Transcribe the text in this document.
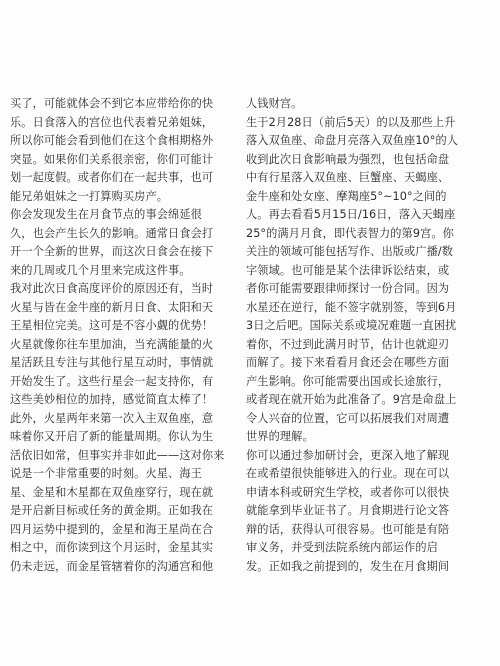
买了，可能就体会不到它本应带给你的快
乐。日食落入的宫位也代表着兄弟姐妹，
所以你可能会看到他们在这个食相期格外
突显。如果你们关系很亲密，你们可能计
划一起度假。或者你们在一起共事，也可
能兄弟姐妹之一打算购买房产。
你会发现发生在月食节点的事会绵延很
久，也会产生长久的影响。通常日食会打
开一个全新的世界，而这次日食会在接下
来的几周或几个月里来完成这件事。
我对此次日食高度评价的原因还有，当时
火星与皆在金牛座的新月日食、太阳和天
王星相位完美。这可是不容小觑的优势！
火星就像你往车里加油，当充满能量的火
星活跃且专注与其他行星互动时，事情就
开始发生了。这些行星会一起支持你，有
这些美妙相位的加持，感觉简直太棒了！
此外，火星两年来第一次入主双鱼座，意
味着你又开启了新的能量周期。你认为生
活依旧如常，但事实并非如此——这对你来
说是一个非常重要的时刻。火星、海王
星、金星和木星都在双鱼座穿行，现在就
是开启新目标或任务的黄金期。正如我在
四月运势中提到的，金星和海王星尚在合
相之中，而你读到这个月运时，金星其实
仍未走远，而金星管辖着你的沟通宫和他
人钱财宫。
生于2月28日（前后5天）的以及那些上升
落入双鱼座、命盘月亮落入双鱼座10°的人
收到此次日食影响最为强烈，也包括命盘
中有行星落入双鱼座、巨蟹座、天蝎座、
金牛座和处女座、摩羯座5°~10°之间的
人。再去看看5月15日/16日，落入天蝎座
25°的满月月食，即代表智力的第9宫。你
关注的领域可能包括写作、出版或广播/数
字领域。也可能是某个法律诉讼结束，或
者你可能需要跟律师探讨一份合同。因为
水星还在逆行，能不签字就别签，等到6月
3日之后吧。国际关系或境况难题一直困扰
着你，不过到此满月时节，估计也就迎刃
而解了。接下来看看月食还会在哪些方面
产生影响。你可能需要出国或长途旅行，
或者现在就开始为此准备了。9宫是命盘上
令人兴奋的位置，它可以拓展我们对周遭
世界的理解。
你可以通过参加研讨会，更深入地了解现
在或希望很快能够进入的行业。现在可以
申请本科或研究生学校，或者你可以很快
就能拿到毕业证书了。月食期进行论文答
辩的话，获得认可很容易。也可能是有陪
审义务，并受到法院系统内部运作的启
发。正如我之前提到的，发生在月食期间
